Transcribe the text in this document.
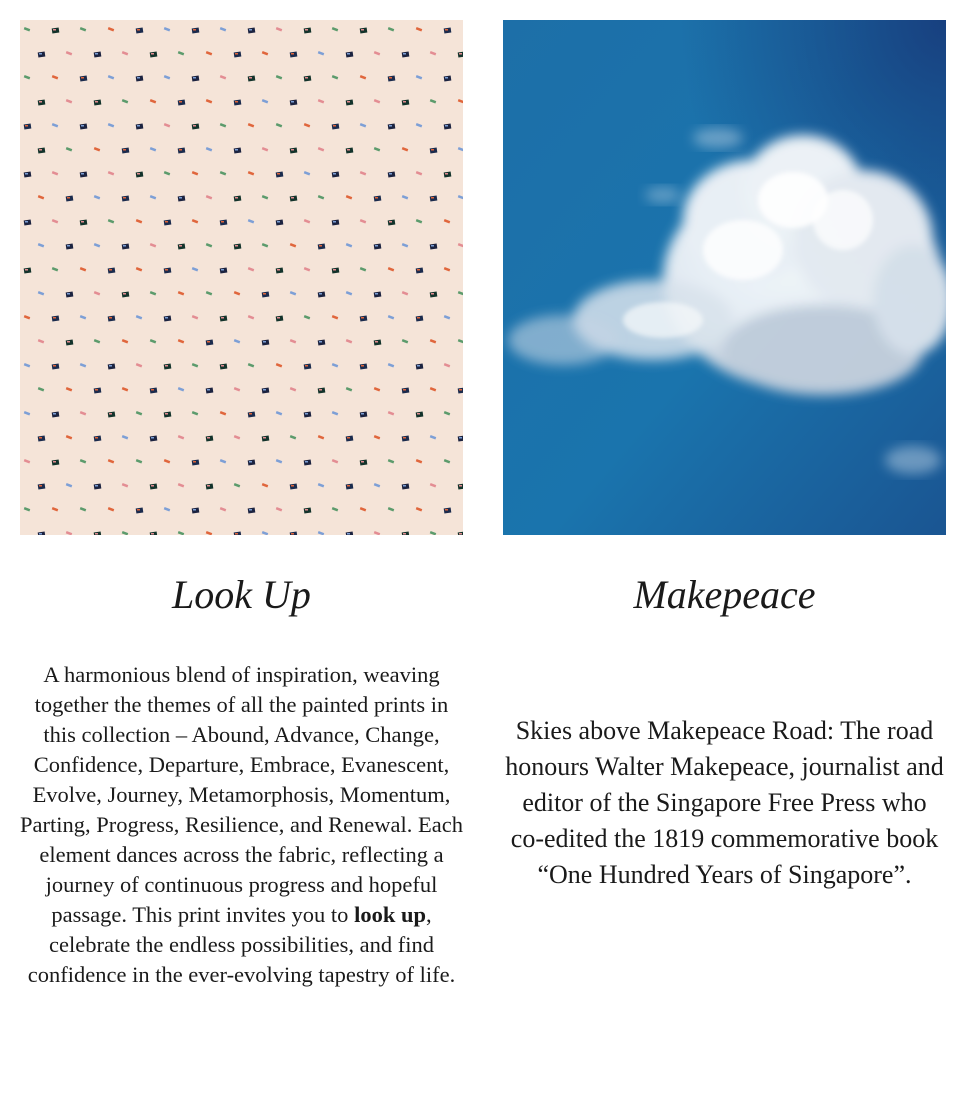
Look Up

A harmonious blend of inspiration, weaving together the themes of all the painted prints in this collection – Abound, Advance, Change, Confidence, Departure, Embrace, Evanescent, Evolve, Journey, Metamorphosis, Momentum, Parting, Progress, Resilience, and Renewal. Each element dances across the fabric, reflecting a journey of continuous progress and hopeful passage. This print invites you to look up, celebrate the endless possibilities, and find confidence in the ever-evolving tapestry of life.

Makepeace

Skies above Makepeace Road: The road honours Walter Makepeace, journalist and editor of the Singapore Free Press who co-edited the 1819 commemorative book “One Hundred Years of Singapore”.
